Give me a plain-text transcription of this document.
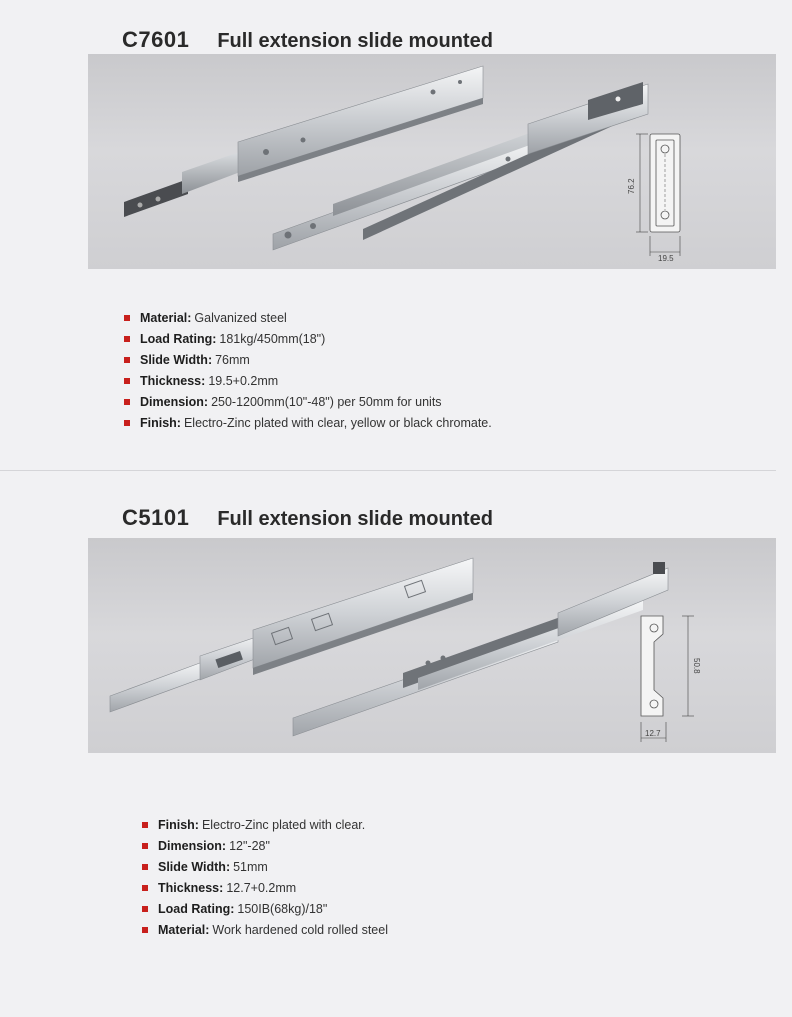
C7601 Full extension slide mounted
76.2
19.5
Material: Galvanized steel
Load Rating: 181kg/450mm(18")
Slide Width: 76mm
Thickness: 19.5+0.2mm
Dimension: 250-1200mm(10"-48") per 50mm for units
Finish: Electro-Zinc plated with clear, yellow or black chromate.
C5101 Full extension slide mounted
50.8
12.7
Finish: Electro-Zinc plated with clear.
Dimension: 12"-28"
Slide Width: 51mm
Thickness: 12.7+0.2mm
Load Rating: 150IB(68kg)/18"
Material: Work hardened cold rolled steel
